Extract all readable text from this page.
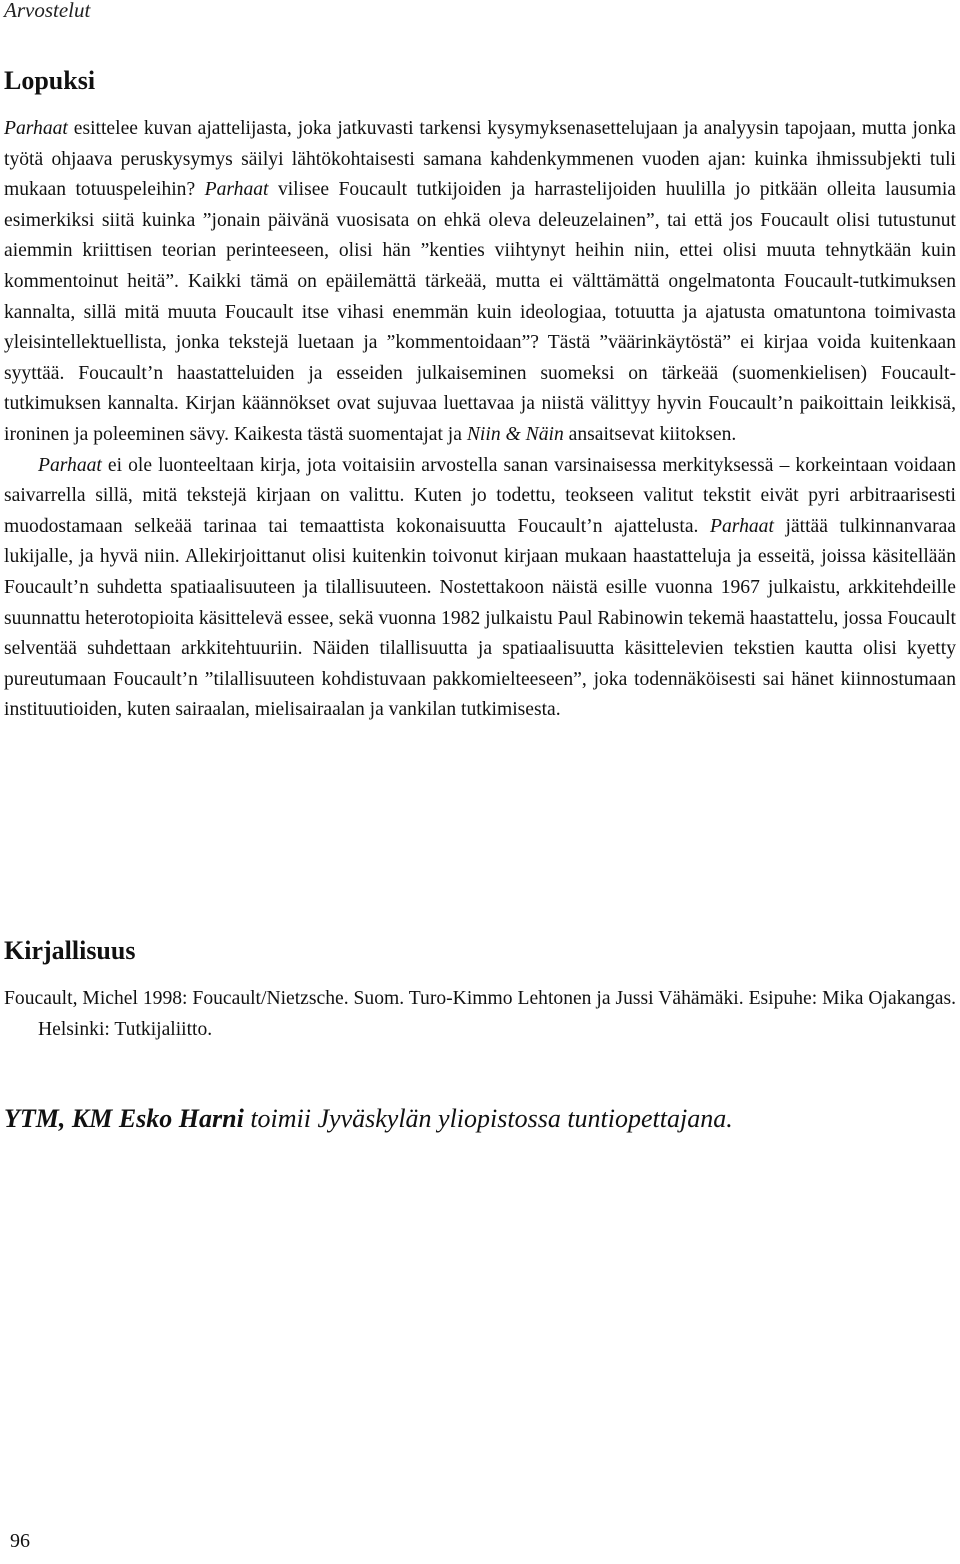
Arvostelut
Lopuksi

Parhaat esittelee kuvan ajattelijasta, joka jatkuvasti tarkensi kysymyksenasettelujaan ja analyysin tapojaan, mutta jonka työtä ohjaava peruskysymys säilyi lähtökohtaisesti samana kahdenkymmenen vuoden ajan: kuinka ihmissubjekti tuli mukaan totuuspeleihin? Parhaat vilisee Foucault tutkijoiden ja harrastelijoiden huulilla jo pitkään olleita lausumia esimerkiksi siitä kuinka ”jonain päivänä vuosisata on ehkä oleva deleuzelainen”, tai että jos Foucault olisi tutustunut aiemmin kriittisen teorian perinteeseen, olisi hän ”kenties viihtynyt heihin niin, ettei olisi muuta tehnytkään kuin kommentoinut heitä”. Kaikki tämä on epäilemättä tärkeää, mutta ei välttämättä ongelmatonta Foucault-tutkimuksen kannalta, sillä mitä muuta Foucault itse vihasi enemmän kuin ideologiaa, totuutta ja ajatusta omatuntona toimivasta yleisintellektuellista, jonka tekstejä luetaan ja ”kommentoidaan”? Tästä ”väärinkäytöstä” ei kirjaa voida kuitenkaan syyttää. Foucault’n haastatteluiden ja esseiden julkaiseminen suomeksi on tärkeää (suomenkielisen) Foucault-tutkimuksen kannalta. Kirjan käännökset ovat sujuvaa luettavaa ja niistä välittyy hyvin Foucault’n paikoittain leikkisä, ironinen ja poleeminen sävy. Kaikesta tästä suomentajat ja Niin & Näin ansaitsevat kiitoksen.

Parhaat ei ole luonteeltaan kirja, jota voitaisiin arvostella sanan varsinaisessa merkityksessä – korkeintaan voidaan saivarrella sillä, mitä tekstejä kirjaan on valittu. Kuten jo todettu, teokseen valitut tekstit eivät pyri arbitraarisesti muodostamaan selkeää tarinaa tai temaattista kokonaisuutta Foucault’n ajattelusta. Parhaat jättää tulkinnanvaraa lukijalle, ja hyvä niin. Allekirjoittanut olisi kuitenkin toivonut kirjaan mukaan haastatteluja ja esseitä, joissa käsitellään Foucault’n suhdetta spatiaalisuuteen ja tilallisuuteen. Nostettakoon näistä esille vuonna 1967 julkaistu, arkkitehdeille suunnattu heterotopioita käsittelevä essee, sekä vuonna 1982 julkaistu Paul Rabinowin tekemä haastattelu, jossa Foucault selventää suhdettaan arkkitehtuuriin. Näiden tilallisuutta ja spatiaalisuutta käsittelevien tekstien kautta olisi kyetty pureutumaan Foucault’n ”tilallisuuteen kohdistuvaan pakkomielteeseen”, joka todennäköisesti sai hänet kiinnostumaan instituutioiden, kuten sairaalan, mielisairaalan ja vankilan tutkimisesta.

Kirjallisuus
Foucault, Michel 1998: Foucault/Nietzsche. Suom. Turo-Kimmo Lehtonen ja Jussi Vähämäki. Esipuhe: Mika Ojakangas. Helsinki: Tutkijaliitto.
YTM, KM Esko Harni toimii Jyväskylän yliopistossa tuntiopettajana.
96
